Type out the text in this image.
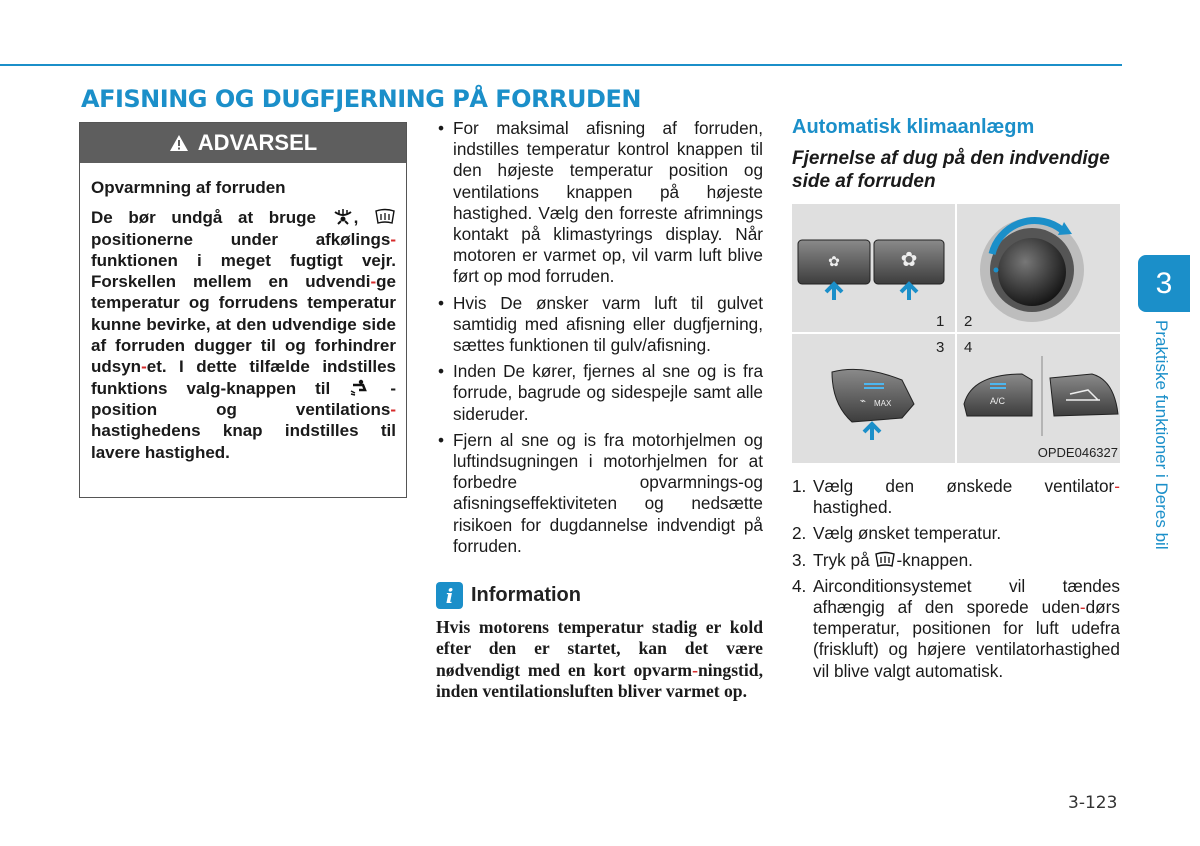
AFISNING OG DUGFJERNING PÅ FORRUDEN
ADVARSEL

Opvarmning af forruden

De bør undgå at bruge ,  positionerne under afkølings- funktionen i meget fugtigt vejr. Forskellen mellem en udvendi-ge temperatur og forrudens temperatur kunne bevirke, at den udvendige side af forruden dugger til og forhindrer udsyn-et. I dette tilfælde indstilles funktions valg-knappen til	- position og ventilations- hastighedens knap indstilles til lavere hastighed.

• For maksimal afisning af forruden, indstilles temperatur kontrol knappen til den højeste temperatur position og ventilations knappen på højeste hastighed. Vælg den forreste afrimnings kontakt på klimastyrings display. Når motoren er varmet op, vil varm luft blive ført op mod forruden.
• Hvis De ønsker varm luft til gulvet samtidig med afisning eller dugfjerning, sættes funktionen til gulv/afisning.
• Inden De kører, fjernes al sne og is fra forrude, bagrude og sidespejle samt alle sideruder.
• Fjern al sne og is fra motorhjelmen og luftindsugningen i motorhjelmen for at forbedre opvarmnings-og afisningseffektiviteten og nedsætte risikoen for dugdannelse indvendigt på forruden.
i Information

Hvis motorens temperatur stadig er kold efter den er startet, kan det være nødvendigt med en kort opvarm-ningstid, inden ventilationsluften bliver varmet op.

Automatisk klimaanlægm
Fjernelse af dug på den indvendige side af forruden
✿	✿
1 2
3 4
⌁ MAX	A/C
OPDE046327
1. Vælg den ønskede ventilator- hastighed.
2. Vælg ønsket temperatur.
3. Tryk på -knappen.
4. Airconditionsystemet vil tændes afhængig af den sporede uden-dørs temperatur, positionen for luft udefra (friskluft) og højere ventilatorhastighed vil blive valgt automatisk.
3
Praktiske funktioner i Deres bil
3-123
